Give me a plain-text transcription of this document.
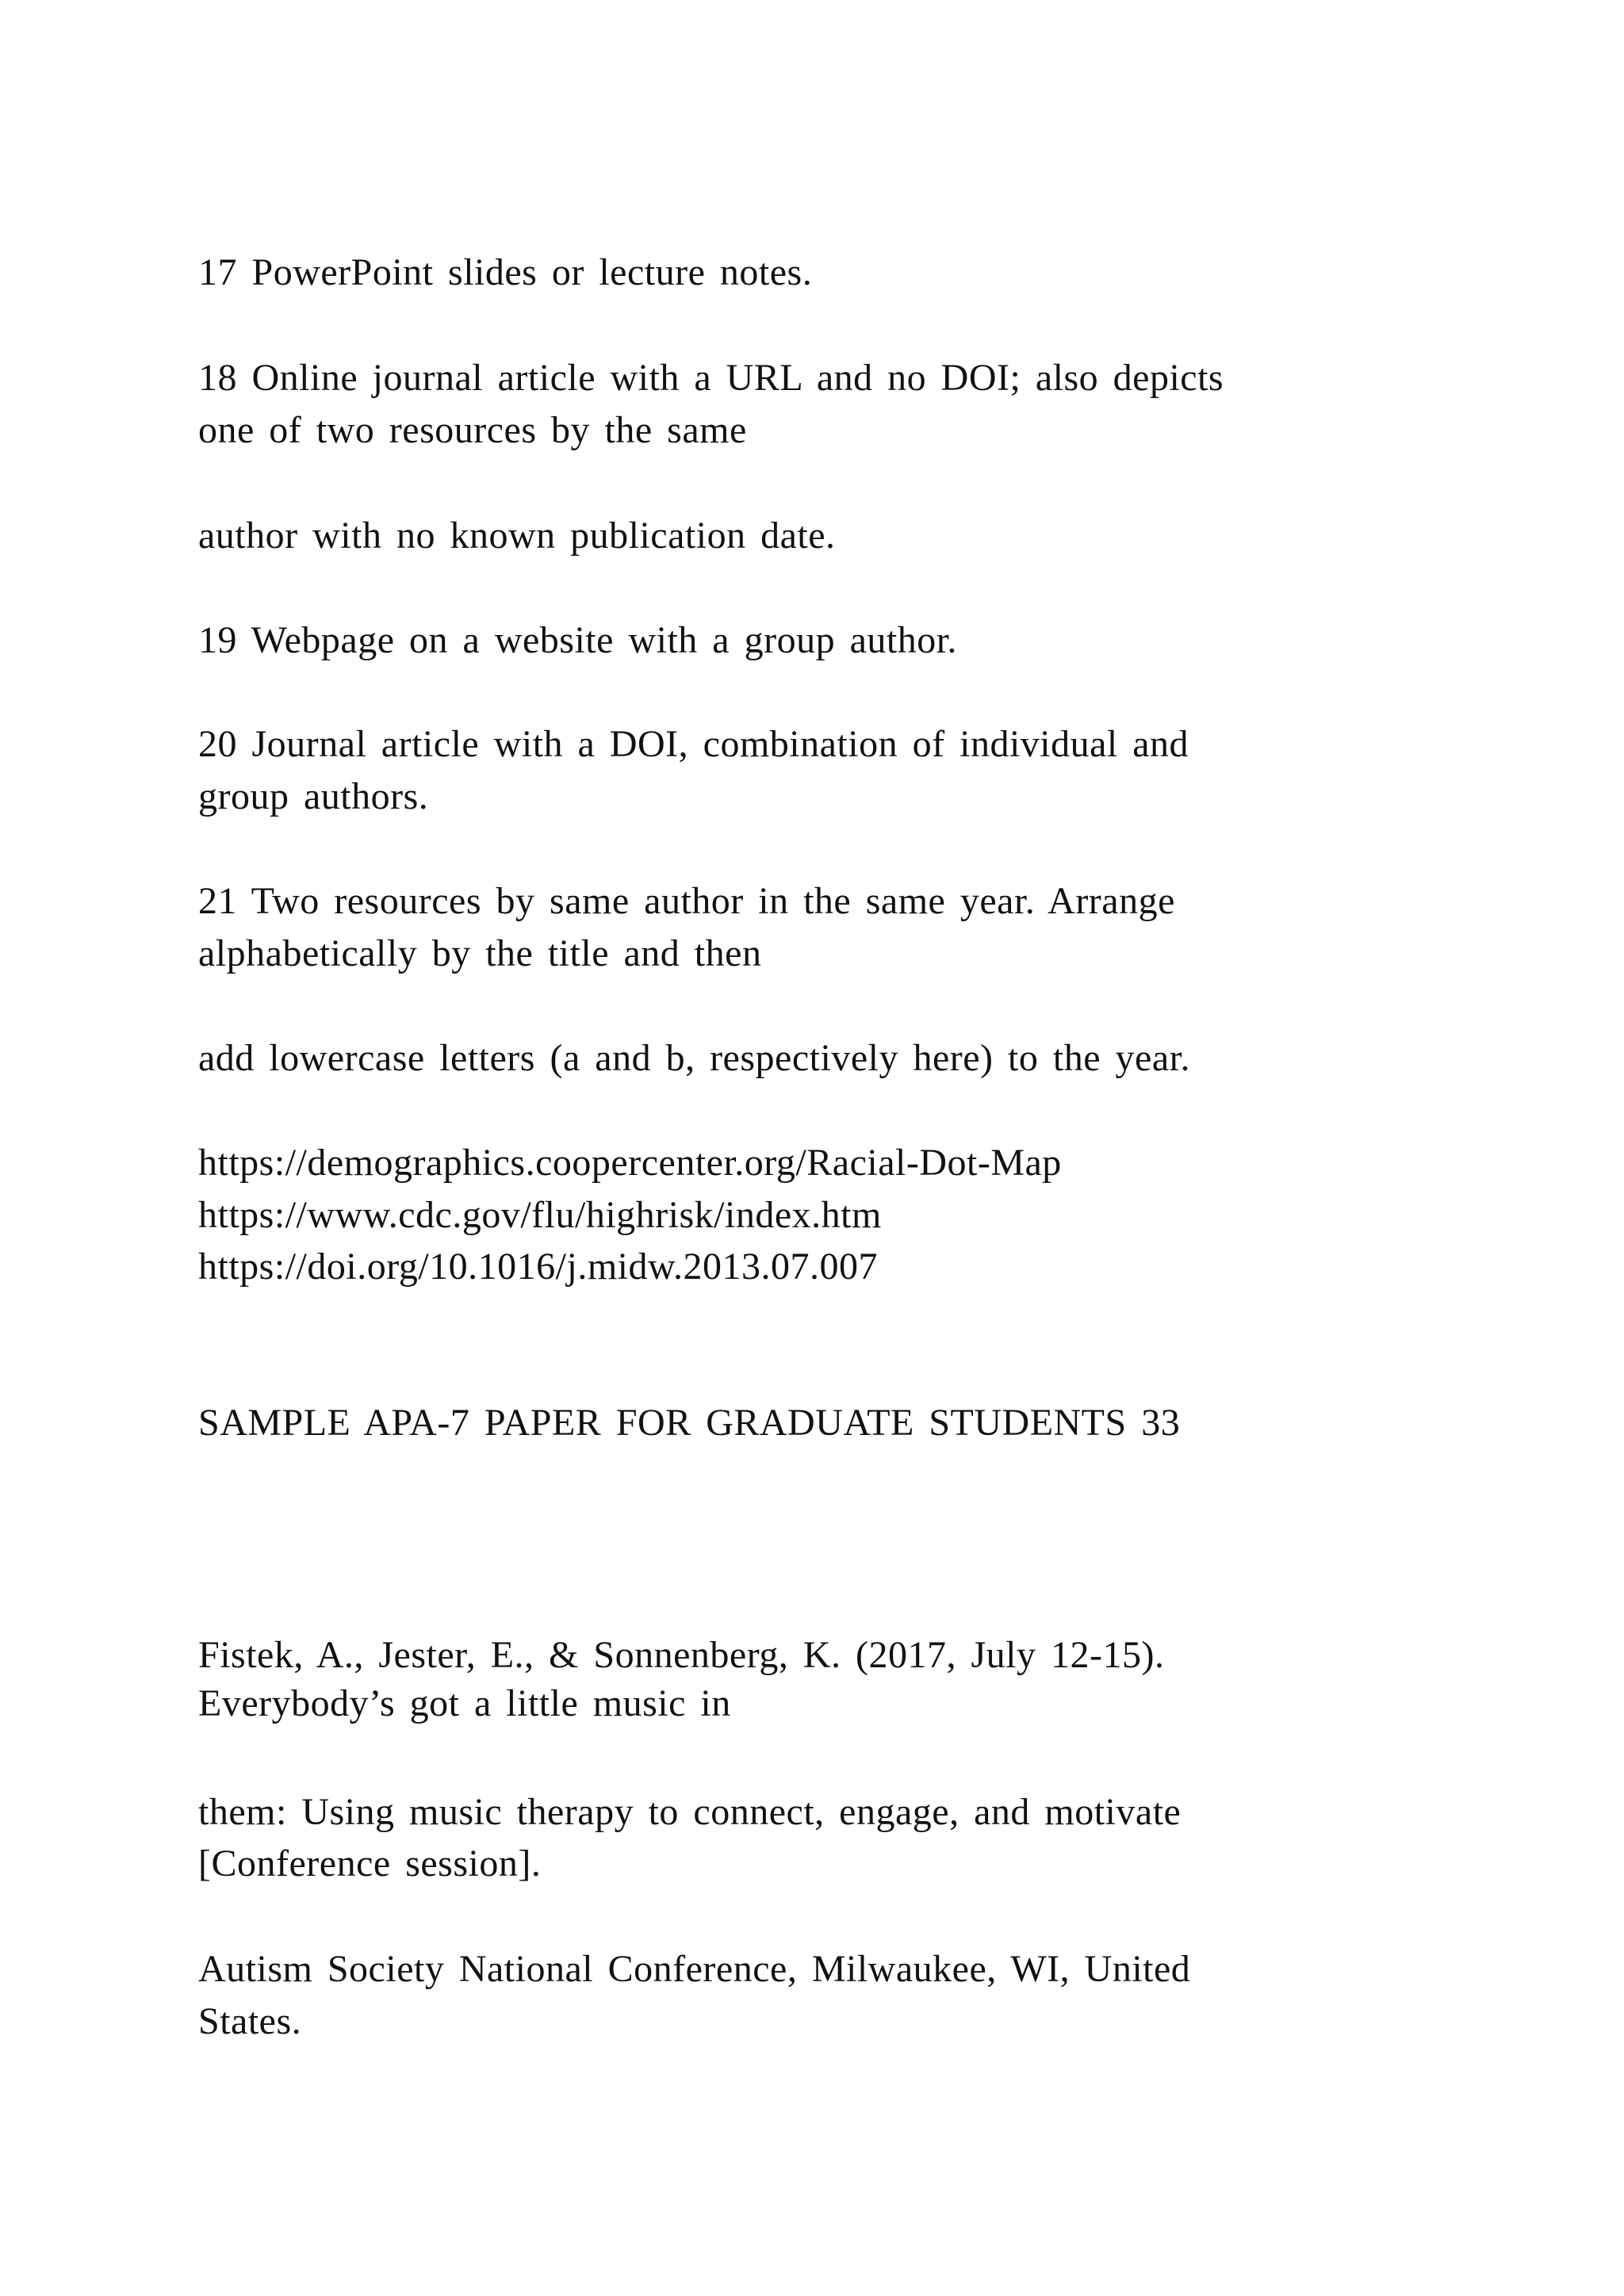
17 PowerPoint slides or lecture notes.
18 Online journal article with a URL and no DOI; also depicts
one of two resources by the same
author with no known publication date.
19 Webpage on a website with a group author.
20 Journal article with a DOI, combination of individual and
group authors.
21 Two resources by same author in the same year. Arrange
alphabetically by the title and then
add lowercase letters (a and b, respectively here) to the year.
https://demographics.coopercenter.org/Racial-Dot-Map
https://www.cdc.gov/flu/highrisk/index.htm
https://doi.org/10.1016/j.midw.2013.07.007
SAMPLE APA-7 PAPER FOR GRADUATE STUDENTS 33
Fistek, A., Jester, E., & Sonnenberg, K. (2017, July 12-15).
Everybody’s got a little music in
them: Using music therapy to connect, engage, and motivate
[Conference session].
Autism Society National Conference, Milwaukee, WI, United
States.
